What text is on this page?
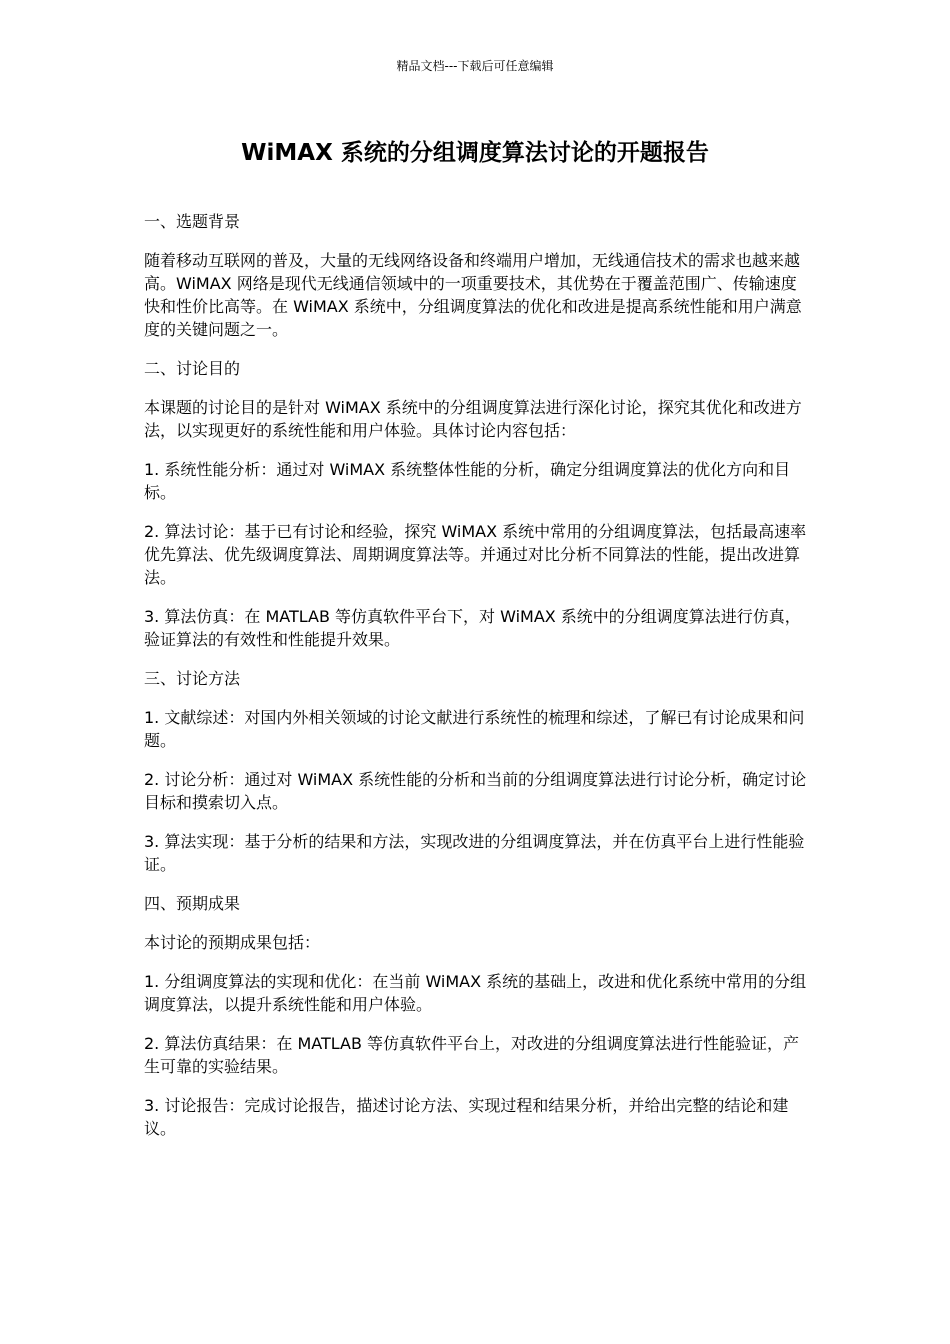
精品文档---下载后可任意编辑
WiMAX 系统的分组调度算法讨论的开题报告
一、选题背景

随着移动互联网的普及，大量的无线网络设备和终端用户增加，无线通信技术的需求也越来越高。WiMAX 网络是现代无线通信领域中的一项重要技术，其优势在于覆盖范围广、传输速度快和性价比高等。在 WiMAX 系统中，分组调度算法的优化和改进是提高系统性能和用户满意度的关键问题之一。

二、讨论目的

本课题的讨论目的是针对 WiMAX 系统中的分组调度算法进行深化讨论，探究其优化和改进方法，以实现更好的系统性能和用户体验。具体讨论内容包括：

1. 系统性能分析：通过对 WiMAX 系统整体性能的分析，确定分组调度算法的优化方向和目标。

2. 算法讨论：基于已有讨论和经验，探究 WiMAX 系统中常用的分组调度算法，包括最高速率优先算法、优先级调度算法、周期调度算法等。并通过对比分析不同算法的性能，提出改进算法。

3. 算法仿真：在 MATLAB 等仿真软件平台下，对 WiMAX 系统中的分组调度算法进行仿真，验证算法的有效性和性能提升效果。

三、讨论方法

1. 文献综述：对国内外相关领域的讨论文献进行系统性的梳理和综述，了解已有讨论成果和问题。

2. 讨论分析：通过对 WiMAX 系统性能的分析和当前的分组调度算法进行讨论分析，确定讨论目标和摸索切入点。

3. 算法实现：基于分析的结果和方法，实现改进的分组调度算法，并在仿真平台上进行性能验证。

四、预期成果

本讨论的预期成果包括：

1. 分组调度算法的实现和优化：在当前 WiMAX 系统的基础上，改进和优化系统中常用的分组调度算法，以提升系统性能和用户体验。

2. 算法仿真结果：在 MATLAB 等仿真软件平台上，对改进的分组调度算法进行性能验证，产生可靠的实验结果。

3. 讨论报告：完成讨论报告，描述讨论方法、实现过程和结果分析，并给出完整的结论和建议。
